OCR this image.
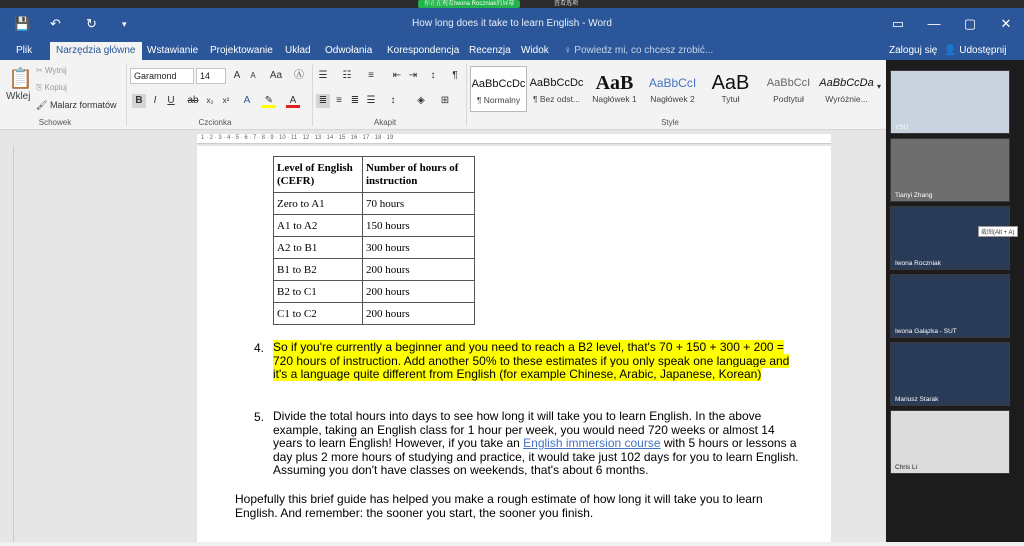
你正在观看Iwona Roczniak的屏幕	查看选项
💾 ↶ ↻	▾	How long does it take to learn English - Word	▭	—	▢	✕
Plik	Narzędzia główne	Wstawianie	Projektowanie	Układ	Odwołania	Korespondencja Recenzja	Widok	♀ Powiedz mi, co chcesz zrobić...	Zaloguj się 👤 Udostępnij
📋
Wklej
✂ Wytnij
⎘ Kopiuj
🖌 Malarz formatów
Schowek
Garamond	14	A	A	Aa	Ⓐ
B	I	U	ab x₂	x²	A	✎	A
Czcionka
☰ ☷	≡	⇤ ⇥	↕	¶
≣ ≡ ≣ ☰	↕	◈	⊞
Akapit
AaBbCcDc
¶ Normalny
AaBbCcDc
¶ Bez odst...
AaB
Nagłówek 1
AaBbCcI
Nagłówek 2
AaB
Tytuł
AaBbCcI
Podtytuł
AaBbCcDa
Wyróżnie...
▾
Style
1 · 2 · 3 · 4 · 5 · 6 · 7 · 8 · 9 · 10 · 11 · 12 · 13 · 14 · 15 · 16 · 17 · 18 · 19
Level of English (CEFR)	Number of hours of instruction
Zero to A1	70 hours
A1 to A2	150 hours
A2 to B1	300 hours
B1 to B2	200 hours
B2 to C1	200 hours
C1 to C2	200 hours
4. So if you're currently a beginner and you need to reach a B2 level, that's 70 + 150 + 300 + 200 = 720 hours of instruction. Add another 50% to these estimates if you only speak one language and it's a language quite different from English (for example Chinese, Arabic, Japanese, Korean)
5. Divide the total hours into days to see how long it will take you to learn English. In the above example, taking an English class for 1 hour per week, you would need 720 weeks or almost 14 years to learn English! However, if you take an English immersion course with 5 hours or lessons a day plus 2 more hours of studying and practice, it would take just 102 days for you to learn English. Assuming you don't have classes on weekends, that's about 6 months.
Hopefully this brief guide has helped you make a rough estimate of how long it will take you to learn English. And remember: the sooner you start, the sooner you finish.
YSU
Tianyi Zhang
Iwona Roczniak
Iwona Galązka - SUT
Mariusz Starak
Chris Li
截图(Alt + A)
